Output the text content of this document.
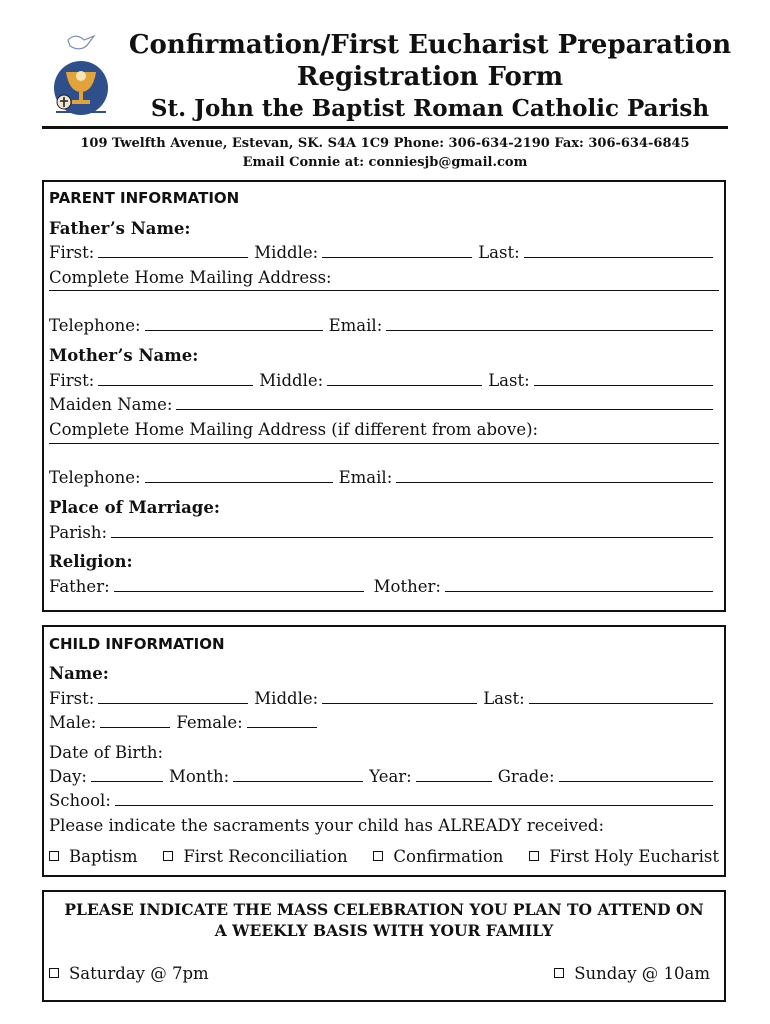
Confirmation/First Eucharist Preparation
Registration Form
St. John the Baptist Roman Catholic Parish
109 Twelfth Avenue, Estevan, SK. S4A 1C9 Phone: 306-634-2190 Fax: 306-634-6845
Email Connie at: conniesjb@gmail.com
PARENT INFORMATION
Father’s Name:
First:	Middle:	Last:
Complete Home Mailing Address:
Telephone:	Email:
Mother’s Name:
First:	Middle:	Last:
Maiden Name:
Complete Home Mailing Address (if different from above):
Telephone:	Email:
Place of Marriage:
Parish:
Religion:
Father:	Mother:
CHILD INFORMATION
Name:
First:	Middle:	Last:
Male:	Female:
Date of Birth:
Day:	Month:	Year:	Grade:
School:
Please indicate the sacraments your child has ALREADY received:
Baptism	First Reconciliation	Confirmation	First Holy Eucharist
PLEASE INDICATE THE MASS CELEBRATION YOU PLAN TO ATTEND ON
A WEEKLY BASIS WITH YOUR FAMILY
Saturday @ 7pm	Sunday @ 10am
